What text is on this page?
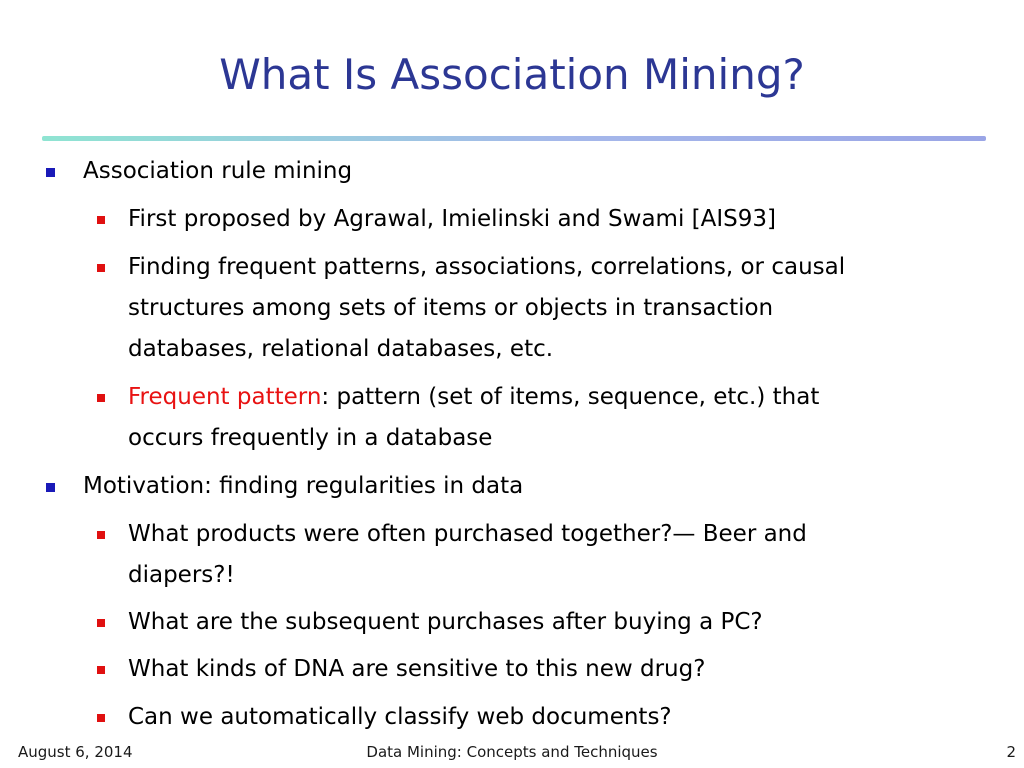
What Is Association Mining?
Association rule mining
First proposed by Agrawal, Imielinski and Swami [AIS93]
Finding frequent patterns, associations, correlations, or causal
structures among sets of items or objects in transaction
databases, relational databases, etc.
Frequent pattern: pattern (set of items, sequence, etc.) that
occurs frequently in a database
Motivation: finding regularities in data
What products were often purchased together?— Beer and
diapers?!
What are the subsequent purchases after buying a PC?
What kinds of DNA are sensitive to this new drug?
Can we automatically classify web documents?
August 6, 2014	Data Mining: Concepts and Techniques	2
